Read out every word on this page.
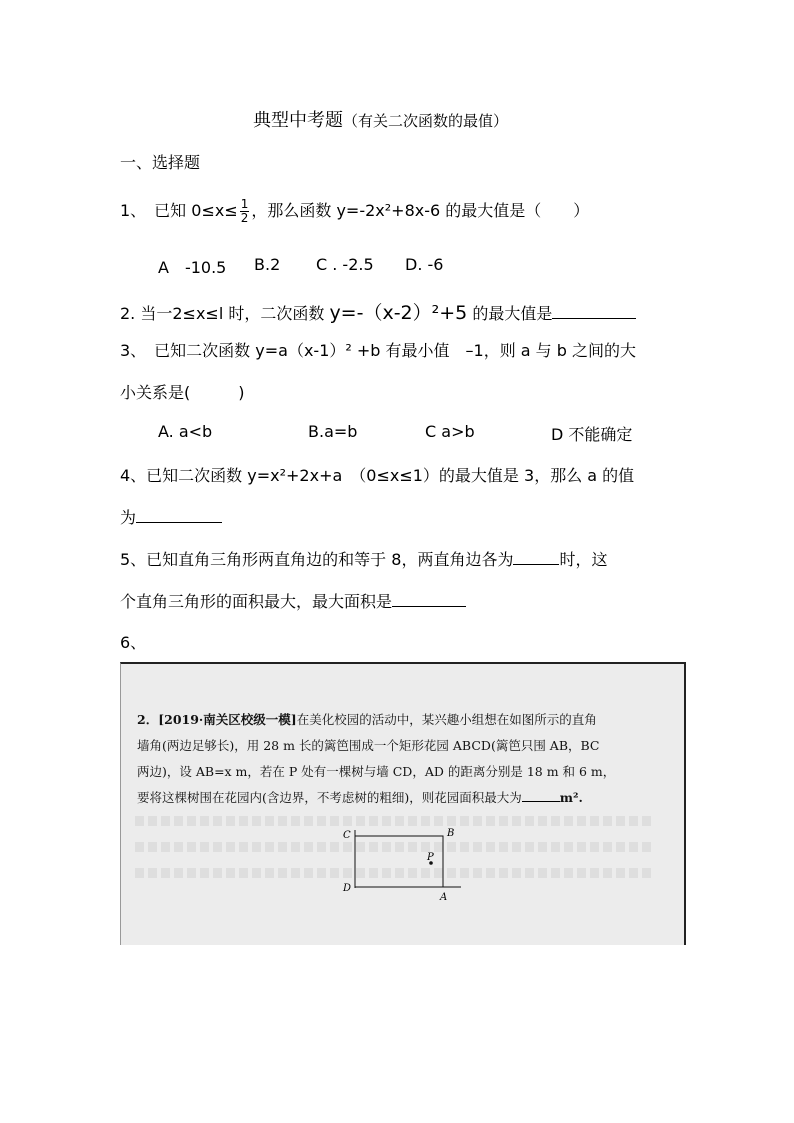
典型中考题（有关二次函数的最值）
一、选择题
1、　已知 $0\le x\le \frac{1}{2}$ ，那么函数 y=-2x²+8x-6 的最大值是（　　）
A　-10.5 B.2 C . -2.5 D. -6
2. 当一2≤x≤l 时，二次函数 y=-（x-2）²+5 的最大值是
3、　已知二次函数 y=a（x-1）² +b 有最小值　–1，则 a 与 b 之间的大
小关系是(　　　)
A. a<b	B.a=b	C a>b	D 不能确定
4、已知二次函数 y=x²+2x+a　（0≤x≤1）的最大值是 3，那么 a 的值
为
5、已知直角三角形两直角边的和等于 8，两直角边各为	时，这
个直角三角形的面积最大，最大面积是
6、
2．[2019·南关区校级一模]在美化校园的活动中，某兴趣小组想在如图所示的直角
墙角(两边足够长)，用 28 m 长的篱笆围成一个矩形花园 ABCD(篱笆只围 AB，BC
两边)，设 AB=x m，若在 P 处有一棵树与墙 CD，AD 的距离分别是 18 m 和 6 m，
要将这棵树围在花园内(含边界，不考虑树的粗细)，则花园面积最大为	m².
C	B
P
D
A
